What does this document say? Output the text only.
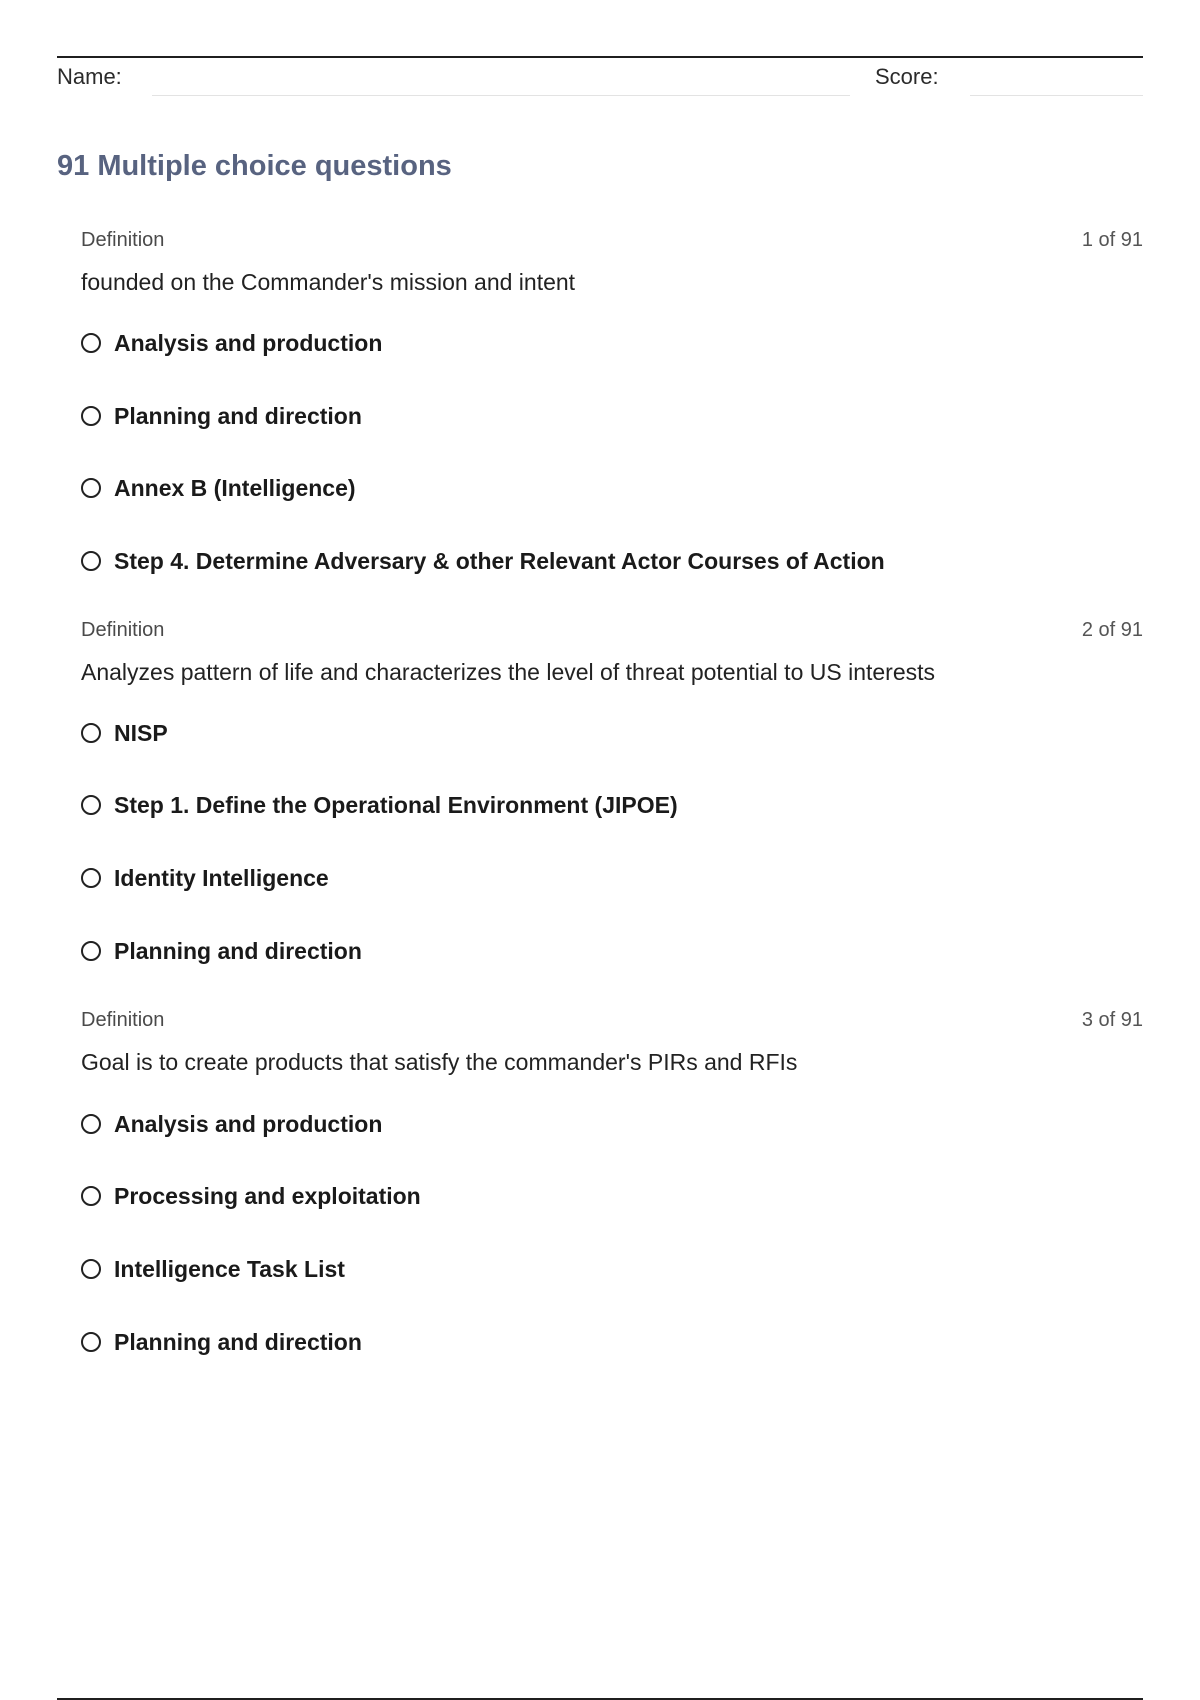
Name:	Score:
91 Multiple choice questions
Definition	1 of 91
founded on the Commander's mission and intent
Analysis and production
Planning and direction
Annex B (Intelligence)
Step 4. Determine Adversary & other Relevant Actor Courses of Action
Definition	2 of 91
Analyzes pattern of life and characterizes the level of threat potential to US interests
NISP
Step 1. Define the Operational Environment (JIPOE)
Identity Intelligence
Planning and direction
Definition	3 of 91
Goal is to create products that satisfy the commander's PIRs and RFIs
Analysis and production
Processing and exploitation
Intelligence Task List
Planning and direction
